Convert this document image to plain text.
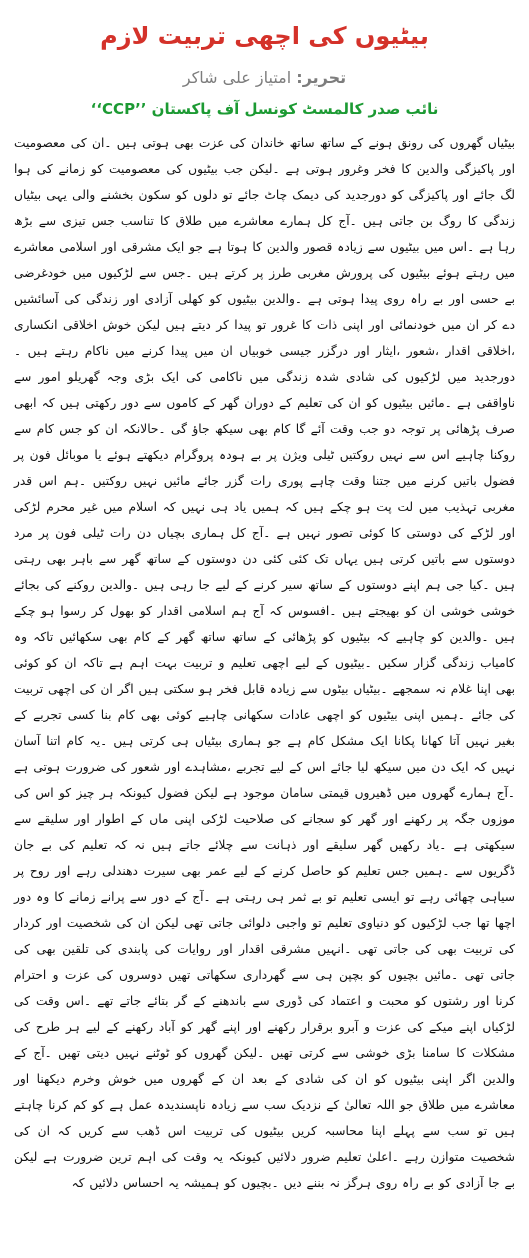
بیٹیوں کی اچھی تربیت لازم

تحریر: امتیاز علی شاکر

نائب صدر کالمسٹ کونسل آف پاکستان ’’CCP‘‘

بیٹیاں گھروں کی رونق ہونے کے ساتھ ساتھ خاندان کی عزت بھی ہوتی ہیں ۔ان کی معصومیت اور پاکیزگی والدین کا فخر وغرور ہوتی ہے ۔لیکن جب بیٹیوں کی معصومیت کو زمانے کی ہوا لگ جائے اور پاکیزگی کو دورجدید کی دیمک چاٹ جائے تو دلوں کو سکون بخشنے والی یہی بیٹیاں زندگی کا روگ بن جاتی ہیں ۔آج کل ہمارے معاشرے میں طلاق کا تناسب جس تیزی سے بڑھ رہا ہے ۔اس میں بیٹیوں سے زیادہ قصور والدین کا ہوتا ہے جو ایک مشرقی اور اسلامی معاشرے میں رہتے ہوئے بیٹیوں کی پرورش مغربی طرز پر کرتے ہیں ۔جس سے لڑکیوں میں خودغرضی بے حسی اور بے راہ روی پیدا ہوتی ہے ۔والدین بیٹیوں کو کھلی آزادی اور زندگی کی آسائشیں دے کر ان میں خودنمائی اور اپنی ذات کا غرور تو پیدا کر دیتے ہیں لیکن خوش اخلاقی انکساری ،اخلاقی اقدار ،شعور ،ایثار اور درگزر جیسی خوبیاں ان میں پیدا کرنے میں ناکام رہتے ہیں ۔دورجدید میں لڑکیوں کی شادی شدہ زندگی میں ناکامی کی ایک بڑی وجہ گھریلو امور سے ناواقفی ہے ۔مائیں بیٹیوں کو ان کی تعلیم کے دوران گھر کے کاموں سے دور رکھتی ہیں کہ ابھی صرف پڑھائی پر توجہ دو جب وقت آئے گا کام بھی سیکھ جاؤ گی ۔حالانکہ ان کو جس کام سے روکنا چاہیے اس سے نہیں روکتیں ٹیلی ویژن پر بے ہودہ پروگرام دیکھتے ہوئے یا موبائل فون پر فضول باتیں کرنے میں جتنا وقت چاہے پوری رات گزر جائے مائیں نہیں روکتیں ۔ہم اس قدر مغربی تہذیب میں لت پت ہو چکے ہیں کہ ہمیں یاد ہی نہیں کہ اسلام میں غیر محرم لڑکی اور لڑکے کی دوستی کا کوئی تصور نہیں ہے ۔آج کل ہماری بچیاں دن رات ٹیلی فون پر مرد دوستوں سے باتیں کرتی ہیں یہاں تک کئی کئی دن دوستوں کے ساتھ گھر سے باہر بھی رہتی ہیں ۔کیا جی ہم اپنے دوستوں کے ساتھ سیر کرنے کے لیے جا رہی ہیں ۔والدین روکنے کی بجائے خوشی خوشی ان کو بھیجتے ہیں ۔افسوس کہ آج ہم اسلامی اقدار کو بھول کر رسوا ہو چکے ہیں ۔والدین کو چاہیے کہ بیٹیوں کو پڑھائی کے ساتھ ساتھ گھر کے کام بھی سکھائیں تاکہ وہ کامیاب زندگی گزار سکیں ۔بیٹیوں کے لیے اچھی تعلیم و تربیت بہت اہم ہے تاکہ ان کو کوئی بھی اپنا غلام نہ سمجھے ۔بیٹیاں بیٹوں سے زیادہ قابل فخر ہو سکتی ہیں اگر ان کی اچھی تربیت کی جائے ۔ہمیں اپنی بیٹیوں کو اچھی عادات سکھانی چاہیے کوئی بھی کام بنا کسی تجربے کے بغیر نہیں آتا کھانا پکانا ایک مشکل کام ہے جو ہماری بیٹیاں ہی کرتی ہیں ۔یہ کام اتنا آسان نہیں کہ ایک دن میں سیکھ لیا جائے اس کے لیے تجربے ،مشاہدے اور شعور کی ضرورت ہوتی ہے ۔آج ہمارے گھروں میں ڈھیروں قیمتی سامان موجود ہے لیکن فضول کیونکہ ہر چیز کو اس کی موزوں جگہ پر رکھنے اور گھر کو سجانے کی صلاحیت لڑکی اپنی ماں کے اطوار اور سلیقے سے سیکھتی ہے ۔یاد رکھیں گھر سلیقے اور ذہانت سے چلائے جاتے ہیں نہ کہ تعلیم کی بے جان ڈگریوں سے ۔ہمیں جس تعلیم کو حاصل کرنے کے لیے عمر بھی سیرت دھندلی رہے اور روح پر سیاہی چھائی رہے تو ایسی تعلیم تو بے ثمر ہی رہتی ہے ۔آج کے دور سے پرانے زمانے کا وہ دور اچھا تھا جب لڑکیوں کو دنیاوی تعلیم تو واجبی دلوائی جاتی تھی لیکن ان کی شخصیت اور کردار کی تربیت بھی کی جاتی تھی ۔انہیں مشرقی اقدار اور روایات کی پابندی کی تلقین بھی کی جاتی تھی ۔مائیں بچیوں کو بچپن ہی سے گھرداری سکھاتی تھیں دوسروں کی عزت و احترام کرنا اور رشتوں کو محبت و اعتماد کی ڈوری سے باندھنے کے گر بتائے جاتے تھے ۔اس وقت کی لڑکیاں اپنے میکے کی عزت و آبرو برقرار رکھنے اور اپنے گھر کو آباد رکھنے کے لیے ہر طرح کی مشکلات کا سامنا بڑی خوشی سے کرتی تھیں ۔لیکن گھروں کو ٹوٹنے نہیں دیتی تھیں ۔آج کے والدین اگر اپنی بیٹیوں کو ان کی شادی کے بعد ان کے گھروں میں خوش وخرم دیکھنا اور معاشرے میں طلاق جو اللہ تعالیٰ کے نزدیک سب سے زیادہ ناپسندیدہ عمل ہے کو کم کرنا چاہتے ہیں تو سب سے پہلے اپنا محاسبہ کریں بیٹیوں کی تربیت اس ڈھب سے کریں کہ ان کی شخصیت متوازن رہے ۔اعلیٰ تعلیم ضرور دلائیں کیونکہ یہ وقت کی اہم ترین ضرورت ہے لیکن بے جا آزادی کو بے راہ روی ہرگز نہ بننے دیں ۔بچیوں کو ہمیشہ یہ احساس دلائیں کہ
